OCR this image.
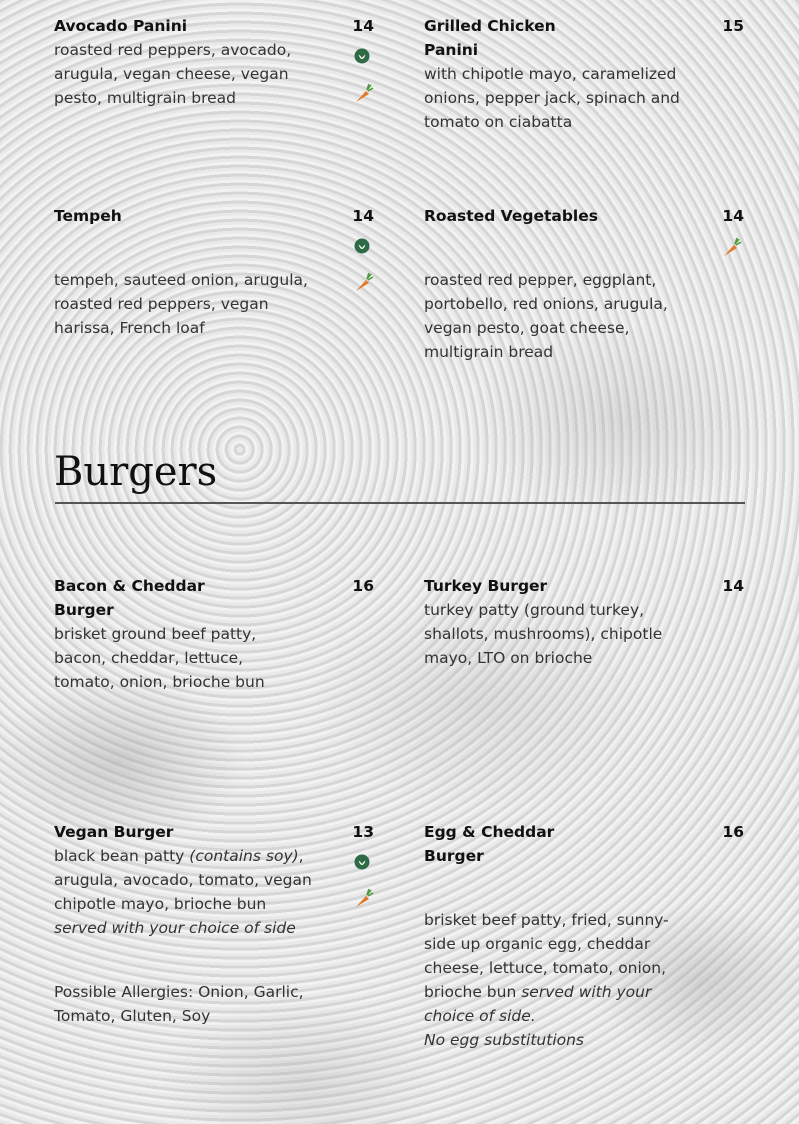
Avocado Panini	14
roasted red peppers, avocado, arugula, vegan cheese, vegan pesto, multigrain bread
Grilled Chicken Panini
15
with chipotle mayo, caramelized onions, pepper jack, spinach and tomato on ciabatta
Tempeh	14
tempeh, sauteed onion, arugula, roasted red peppers, vegan harissa, French loaf
Roasted Vegetables	14
roasted red pepper, eggplant, portobello, red onions, arugula, vegan pesto, goat cheese, multigrain bread
Burgers
Bacon & Cheddar Burger
16
brisket ground beef patty, bacon, cheddar, lettuce, tomato, onion, brioche bun
Turkey Burger	14
turkey patty (ground turkey, shallots, mushrooms), chipotle mayo, LTO on brioche
Vegan Burger	13
black bean patty (contains soy), arugula, avocado, tomato, vegan chipotle mayo, brioche bun served with your choice of side
Possible Allergies: Onion, Garlic, Tomato, Gluten, Soy
Egg & Cheddar Burger
16
brisket beef patty, fried, sunny-side up organic egg, cheddar cheese, lettuce, tomato, onion, brioche bun served with your choice of side.
No egg substitutions
